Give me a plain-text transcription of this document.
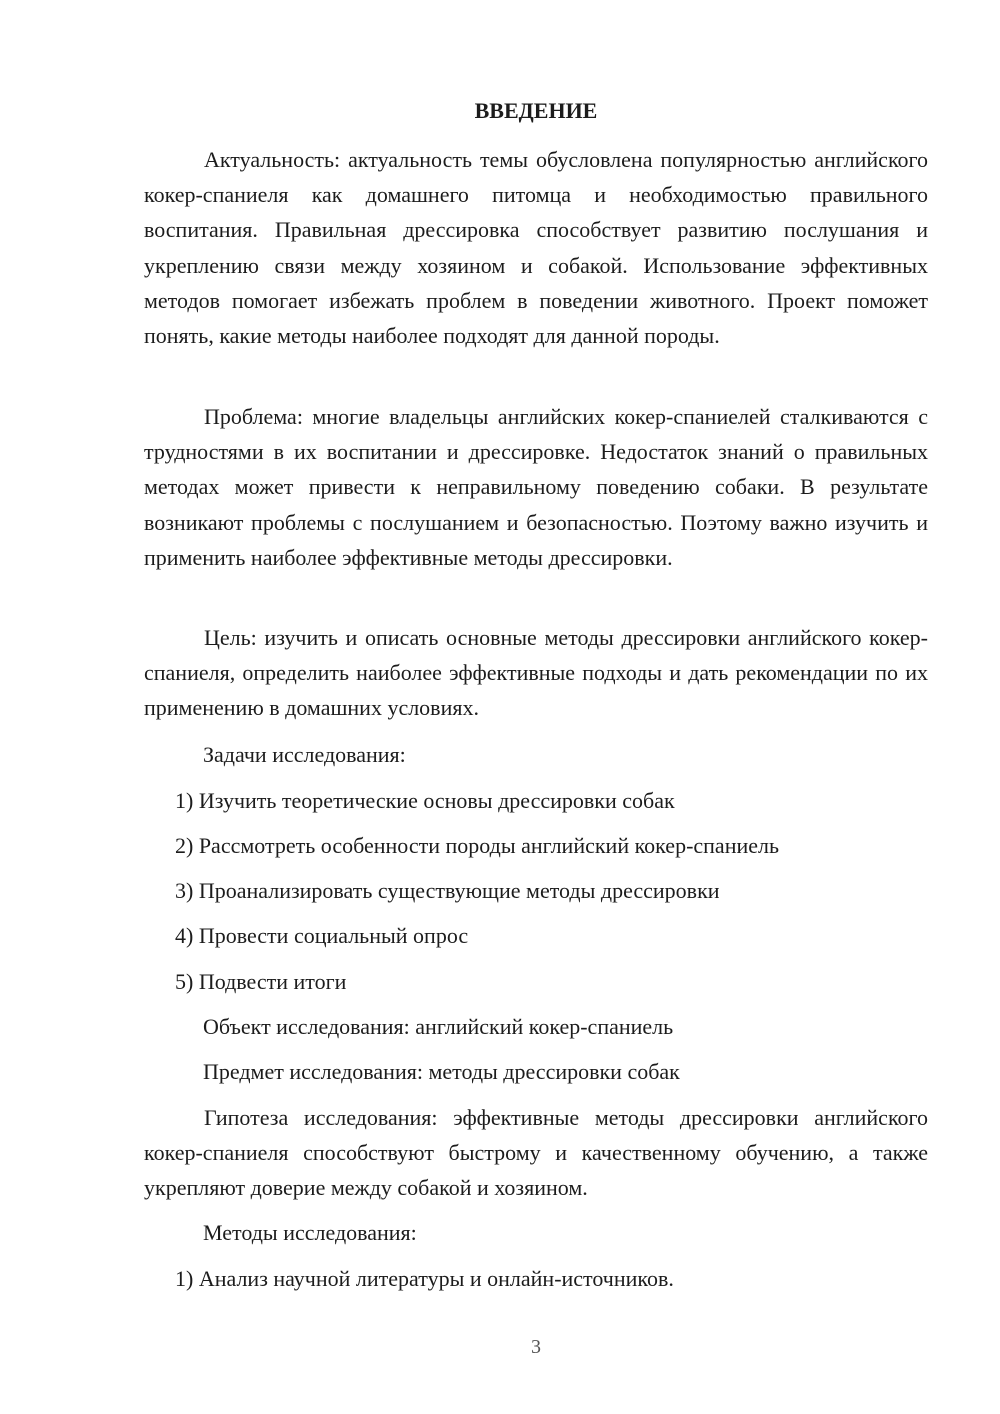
ВВЕДЕНИЕ

Актуальность: актуальность темы обусловлена популярностью английского кокер-спаниеля как домашнего питомца и необходимостью правильного воспитания. Правильная дрессировка способствует развитию послушания и укреплению связи между хозяином и собакой. Использование эффективных методов помогает избежать проблем в поведении животного. Проект поможет понять, какие методы наиболее подходят для данной породы.

Проблема: многие владельцы английских кокер-спаниелей сталкиваются с трудностями в их воспитании и дрессировке. Недостаток знаний о правильных методах может привести к неправильному поведению собаки. В результате возникают проблемы с послушанием и безопасностью. Поэтому важно изучить и применить наиболее эффективные методы дрессировки.

Цель: изучить и описать основные методы дрессировки английского кокер-спаниеля, определить наиболее эффективные подходы и дать рекомендации по их применению в домашних условиях.

Задачи исследования:
1) Изучить теоретические основы дрессировки собак
2) Рассмотреть особенности породы английский кокер-спаниель
3) Проанализировать существующие методы дрессировки
4) Провести социальный опрос
5) Подвести итоги
Объект исследования: английский кокер-спаниель
Предмет исследования: методы дрессировки собак

Гипотеза исследования: эффективные методы дрессировки английского кокер-спаниеля способствуют быстрому и качественному обучению, а также укрепляют доверие между собакой и хозяином.

Методы исследования:
1) Анализ научной литературы и онлайн-источников.
3
